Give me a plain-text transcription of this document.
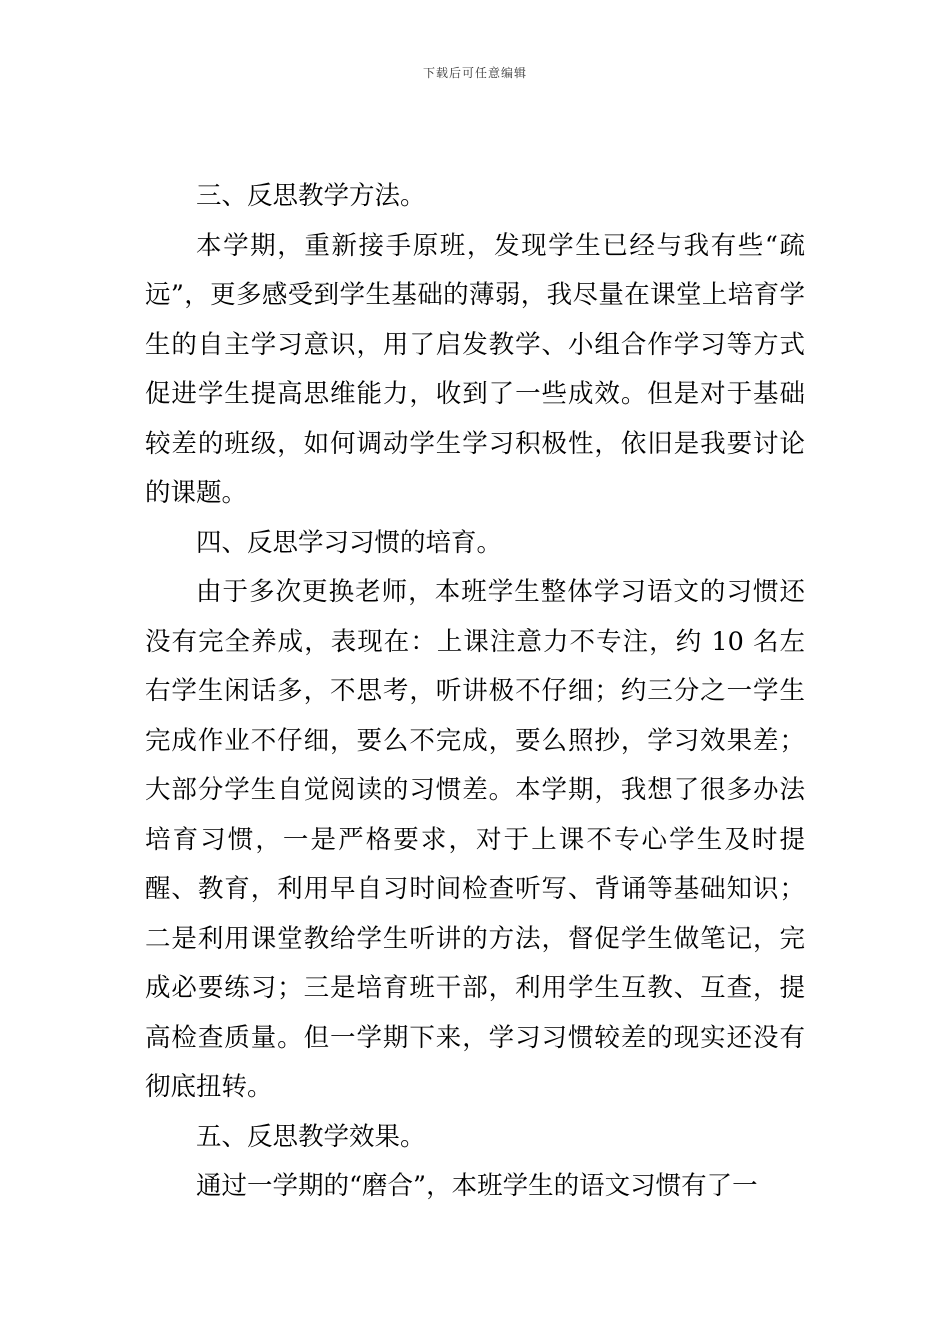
下载后可任意编辑

三、反思教学方法。

本学期，重新接手原班，发现学生已经与我有些“疏远”，更多感受到学生基础的薄弱，我尽量在课堂上培育学生的自主学习意识，用了启发教学、小组合作学习等方式促进学生提高思维能力，收到了一些成效。但是对于基础较差的班级，如何调动学生学习积极性，依旧是我要讨论的课题。

四、反思学习习惯的培育。

由于多次更换老师，本班学生整体学习语文的习惯还没有完全养成，表现在：上课注意力不专注，约 10 名左右学生闲话多，不思考，听讲极不仔细；约三分之一学生完成作业不仔细，要么不完成，要么照抄，学习效果差；大部分学生自觉阅读的习惯差。本学期，我想了很多办法培育习惯，一是严格要求，对于上课不专心学生及时提醒、教育，利用早自习时间检查听写、背诵等基础知识；二是利用课堂教给学生听讲的方法，督促学生做笔记，完成必要练习；三是培育班干部，利用学生互教、互查，提高检查质量。但一学期下来，学习习惯较差的现实还没有彻底扭转。

五、反思教学效果。

通过一学期的“磨合”，本班学生的语文习惯有了一
